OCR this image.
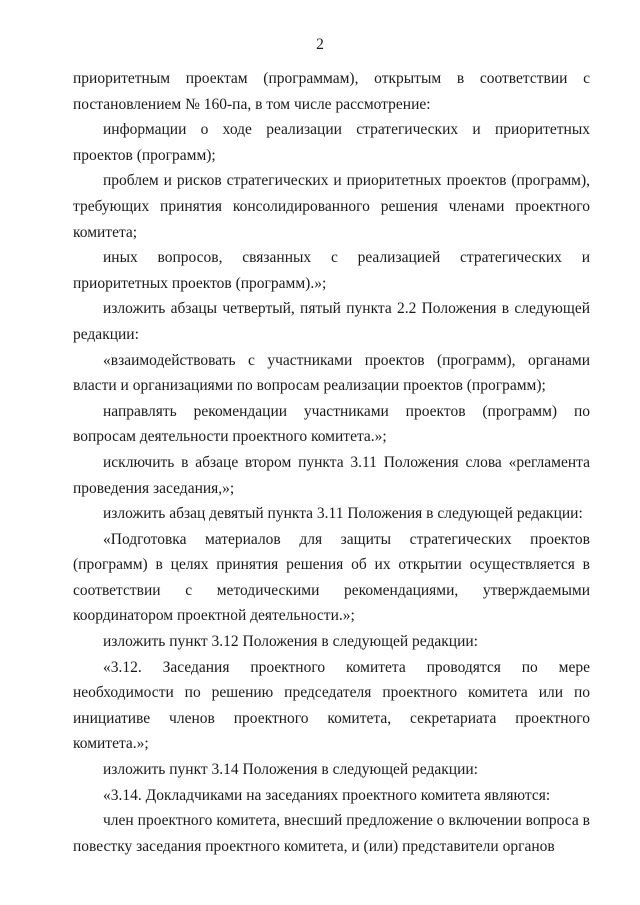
2

приоритетным проектам (программам), открытым в соответствии с постановлением № 160-па, в том числе рассмотрение:

информации о ходе реализации стратегических и приоритетных проектов (программ);

проблем и рисков стратегических и приоритетных проектов (программ), требующих принятия консолидированного решения членами проектного комитета;

иных вопросов, связанных с реализацией стратегических и приоритетных проектов (программ).»;

изложить абзацы четвертый, пятый пункта 2.2 Положения в следующей редакции:

«взаимодействовать с участниками проектов (программ), органами власти и организациями по вопросам реализации проектов (программ);

направлять рекомендации участниками проектов (программ) по вопросам деятельности проектного комитета.»;

исключить в абзаце втором пункта 3.11 Положения слова «регламента проведения заседания,»;

изложить абзац девятый пункта 3.11 Положения в следующей редакции:

«Подготовка материалов для защиты стратегических проектов (программ) в целях принятия решения об их открытии осуществляется в соответствии с методическими рекомендациями, утверждаемыми координатором проектной деятельности.»;

изложить пункт 3.12 Положения в следующей редакции:

«3.12. Заседания проектного комитета проводятся по мере необходимости по решению председателя проектного комитета или по инициативе членов проектного комитета, секретариата проектного комитета.»;

изложить пункт 3.14 Положения в следующей редакции:

«3.14. Докладчиками на заседаниях проектного комитета являются:

член проектного комитета, внесший предложение о включении вопроса в повестку заседания проектного комитета, и (или) представители органов
